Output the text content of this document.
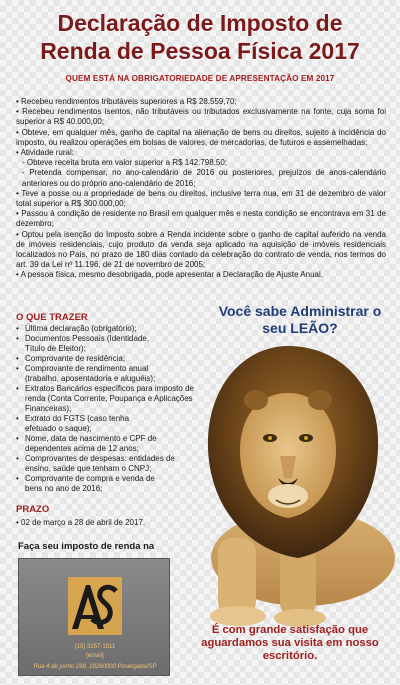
Declaração de Imposto de
Renda de Pessoa Física 2017
QUEM ESTÁ NA OBRIGATORIEDADE DE APRESENTAÇÃO EM 2017
• Recebeu rendimentos tributáveis superiores a R$ 28.559,70;
• Recebeu rendimentos isentos, não tributáveis ou tributados exclusivamente na fonte, cuja soma foi superior a R$ 40.000,00;
• Obteve, em qualquer mês, ganho de capital na alienação de bens ou direitos, sujeito à incidência do imposto, ou realizou operações em bolsas de valores, de mercadorias, de futuros e assemelhadas;
• Atividade rural:
- Obteve receita bruta em valor superior a R$ 142.798,50;
- Pretenda compensar, no ano-calendário de 2016 ou posteriores, prejuízos de anos-calendário anteriores ou do próprio ano-calendário de 2016;
• Teve a posse ou a propriedade de bens ou direitos, inclusive terra nua, em 31 de dezembro de valor total superior a R$ 300.000,00;
• Passou à condição de residente no Brasil em qualquer mês e nesta condição se encontrava em 31 de dezembro;
• Optou pela isenção do Imposto sobre a Renda incidente sobre o ganho de capital auferido na venda de imóveis residenciais, cujo produto da venda seja aplicado na aquisição de imóveis residenciais localizados no País, no prazo de 180 dias contado da celebração do contrato de venda, nos termos do art. 39 da Lei nº 11.196, de 21 de novembro de 2005;
• A pessoa física, mesmo desobrigada, pode apresentar a Declaração de Ajuste Anual.
Você sabe Administrar o seu LEÃO?
O QUE TRAZER
• Última declaração (obrigatório);
• Documentos Pessoais (Identidade, Título de Eleitor);
• Comprovante de residência;
• Comprovante de rendimento anual (trabalho, aposentadoria e aluguéis);
• Extratos Bancários específicos para imposto de renda (Conta Corrente, Poupança e Aplicações Financeiras);
• Extrato do FGTS (caso tenha efetuado o saque);
• Nome, data de nascimento e CPF de dependentes acima de 12 anos;
• Comprovantes de despesas: entidades de ensino, saúde que tenham o CNPJ;
• Comprovante de compra e venda de bens no ano de 2016;
PRAZO
• 02 de março a 28 de abril de 2017.
Faça seu imposto de renda na
(15) 3257-1511
[email]
Rua 4 de junho 298, 18260000 Porangaba/SP
É com grande satisfação que aguardamos sua visita em nosso escritório.
